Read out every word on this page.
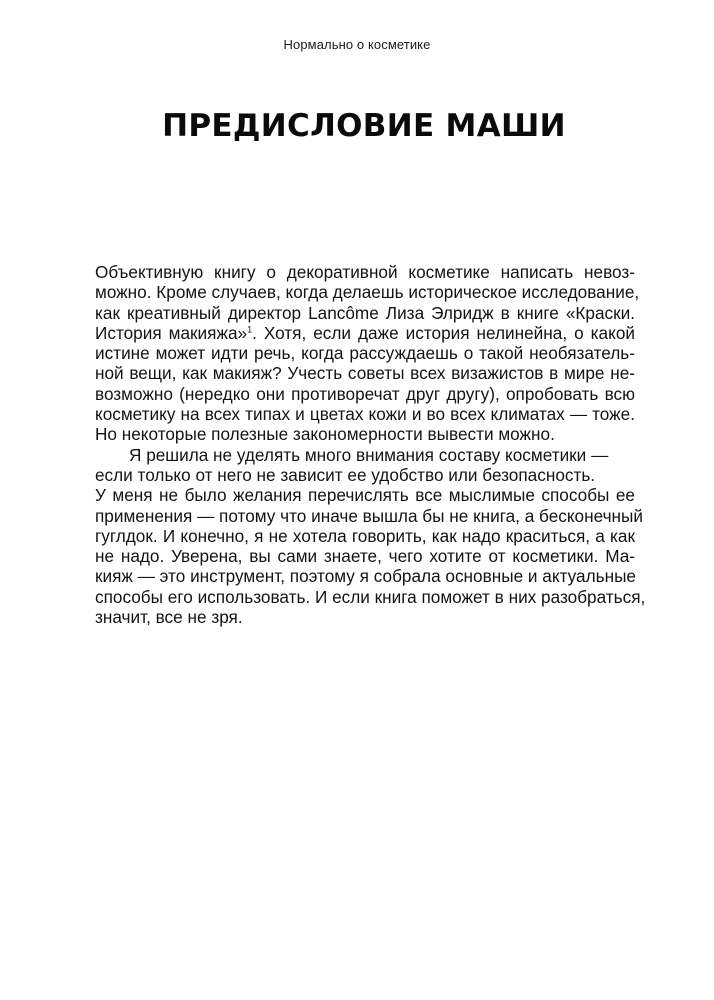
Нормально о косметике
ПРЕДИСЛОВИЕ МАШИ
Объективную книгу о декоративной косметике написать невоз-
можно. Кроме случаев, когда делаешь историческое исследование,
как креативный директор Lancôme Лиза Элридж в книге «Краски.
История макияжа»$^1$. Хотя, если даже история нелинейна, о какой
истине может идти речь, когда рассуждаешь о такой необязатель-
ной вещи, как макияж? Учесть советы всех визажистов в мире не-
возможно (нередко они противоречат друг другу), опробовать всю
косметику на всех типах и цветах кожи и во всех климатах — тоже.
Но некоторые полезные закономерности вывести можно.
Я решила не уделять много внимания составу косметики —
если только от него не зависит ее удобство или безопасность.
У меня не было желания перечислять все мыслимые способы ее
применения — потому что иначе вышла бы не книга, а бесконечный
гуглдок. И конечно, я не хотела говорить, как надо краситься, а как
не надо. Уверена, вы сами знаете, чего хотите от косметики. Ма-
кияж — это инструмент, поэтому я собрала основные и актуальные
способы его использовать. И если книга поможет в них разобраться,
значит, все не зря.
